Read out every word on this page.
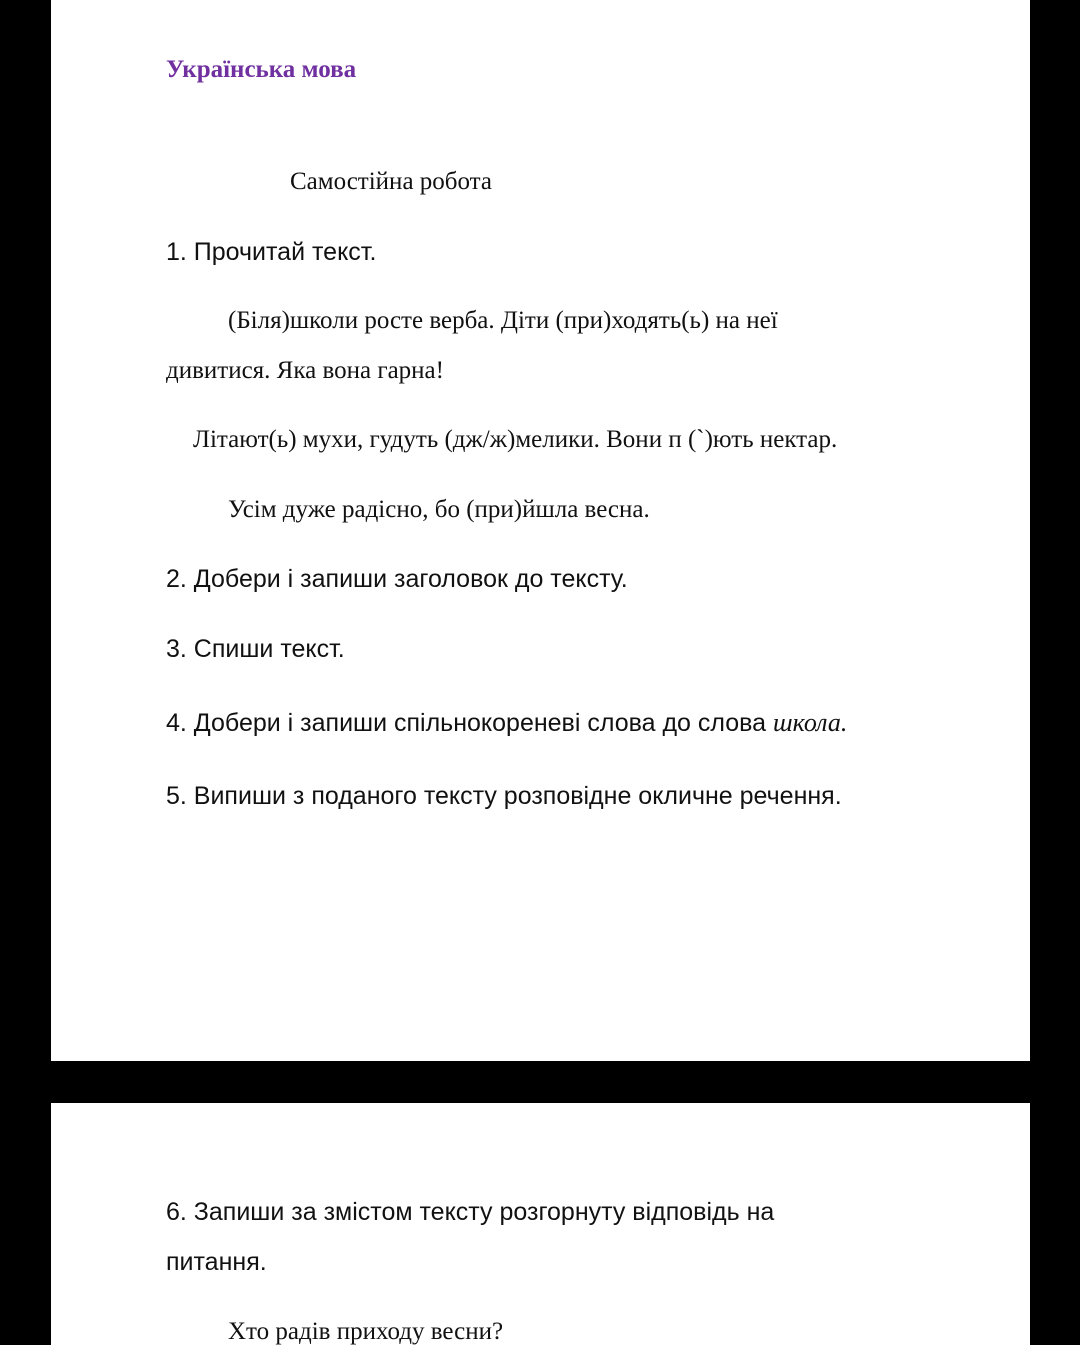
Українська мова
Самостійна робота
1. Прочитай текст.
(Біля)школи росте верба. Діти (при)ходять(ь) на неї
дивитися. Яка вона гарна!
Літают(ь) мухи, гудуть (дж/ж)мелики. Вони п (`)ють нектар.
Усім дуже радісно, бо (при)йшла весна.
2. Добери і запиши заголовок до тексту.
3. Спиши текст.
4. Добери і запиши спільнокореневі слова до слова школа.
5. Випиши з поданого тексту розповідне окличне речення.
6. Запиши за змістом тексту розгорнуту відповідь на
питання.
Хто радів приходу весни?
